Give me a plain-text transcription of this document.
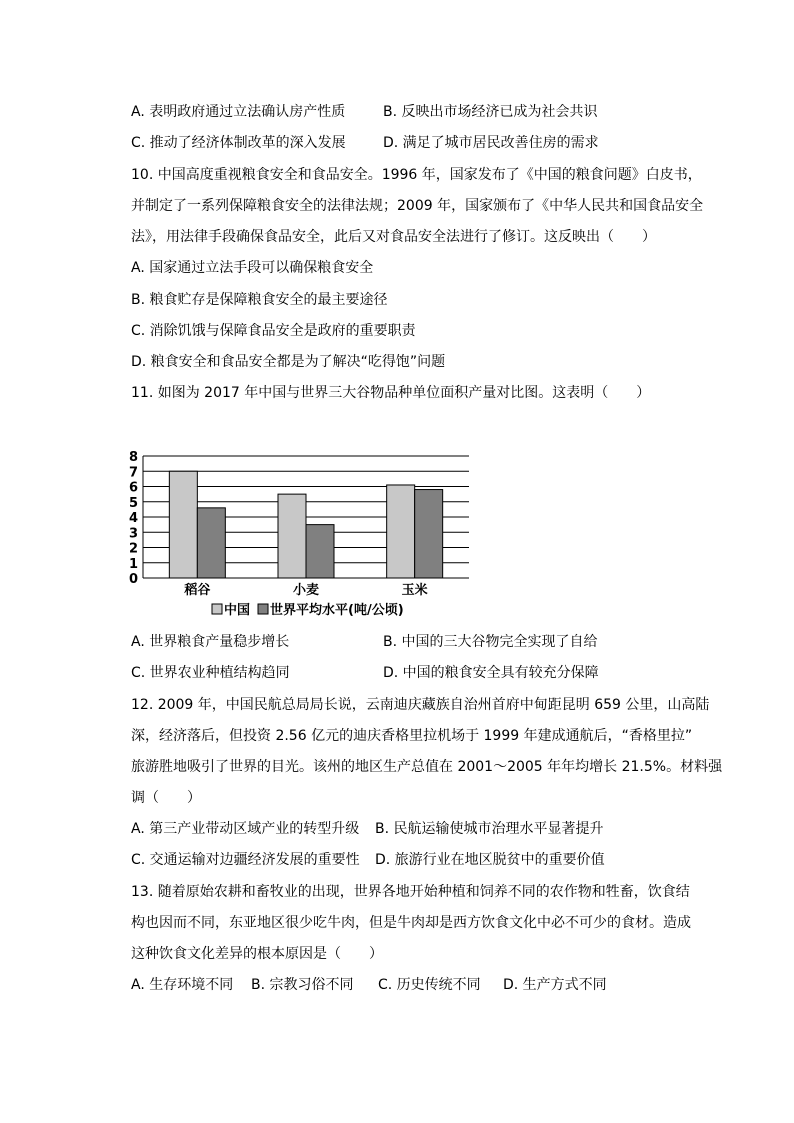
A. 表明政府通过立法确认房产性质	B. 反映出市场经济已成为社会共识
C. 推动了经济体制改革的深入发展	D. 满足了城市居民改善住房的需求
10. 中国高度重视粮食安全和食品安全。1996 年，国家发布了《中国的粮食问题》白皮书，
并制定了一系列保障粮食安全的法律法规；2009 年，国家颁布了《中华人民共和国食品安全
法》，用法律手段确保食品安全，此后又对食品安全法进行了修订。这反映出（　　）
A. 国家通过立法手段可以确保粮食安全
B. 粮食贮存是保障粮食安全的最主要途径
C. 消除饥饿与保障食品安全是政府的重要职责
D. 粮食安全和食品安全都是为了解决“吃得饱”问题
11. 如图为 2017 年中国与世界三大谷物品种单位面积产量对比图。这表明（　　）
0
1
2
3
4
5
6
7
8
稻谷	小麦	玉米
中国 世界平均水平(吨/公顷)
A. 世界粮食产量稳步增长	B. 中国的三大谷物完全实现了自给
C. 世界农业种植结构趋同	D. 中国的粮食安全具有较充分保障
12. 2009 年，中国民航总局局长说，云南迪庆藏族自治州首府中甸距昆明 659 公里，山高陆
深，经济落后，但投资 2.56 亿元的迪庆香格里拉机场于 1999 年建成通航后，“香格里拉”
旅游胜地吸引了世界的目光。该州的地区生产总值在 2001～2005 年年均增长 21.5%。材料强
调（　　）
A. 第三产业带动区域产业的转型升级 B. 民航运输使城市治理水平显著提升
C. 交通运输对边疆经济发展的重要性 D. 旅游行业在地区脱贫中的重要价值
13. 随着原始农耕和畜牧业的出现，世界各地开始种植和饲养不同的农作物和牲畜，饮食结
构也因而不同，东亚地区很少吃牛肉，但是牛肉却是西方饮食文化中必不可少的食材。造成
这种饮食文化差异的根本原因是（　　）
A. 生存环境不同 B. 宗教习俗不同 C. 历史传统不同 D. 生产方式不同
